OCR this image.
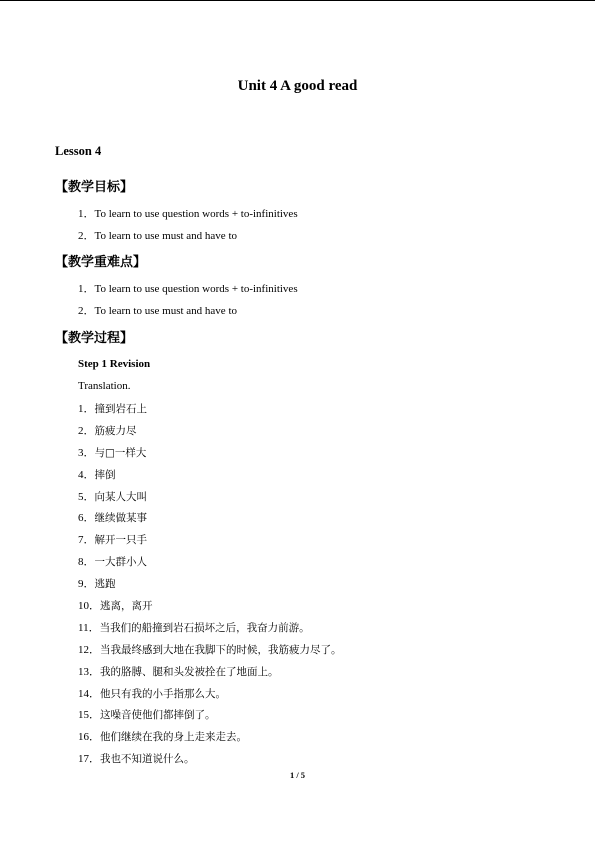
Unit 4 A good read
Lesson 4
【教学目标】
1．To learn to use question words + to-infinitives
2．To learn to use must and have to
【教学重难点】
1．To learn to use question words + to-infinitives
2．To learn to use must and have to
【教学过程】
Step 1 Revision
Translation.
1．撞到岩石上
2．筋疲力尽
3．与□一样大
4．摔倒
5．向某人大叫
6．继续做某事
7．解开一只手
8．一大群小人
9．逃跑
10．逃离，离开
11．当我们的船撞到岩石损坏之后，我奋力前游。
12．当我最终感到大地在我脚下的时候，我筋疲力尽了。
13．我的胳膊、腿和头发被拴在了地面上。
14．他只有我的小手指那么大。
15．这噪音使他们都摔倒了。
16．他们继续在我的身上走来走去。
17．我也不知道说什么。
1 / 5
